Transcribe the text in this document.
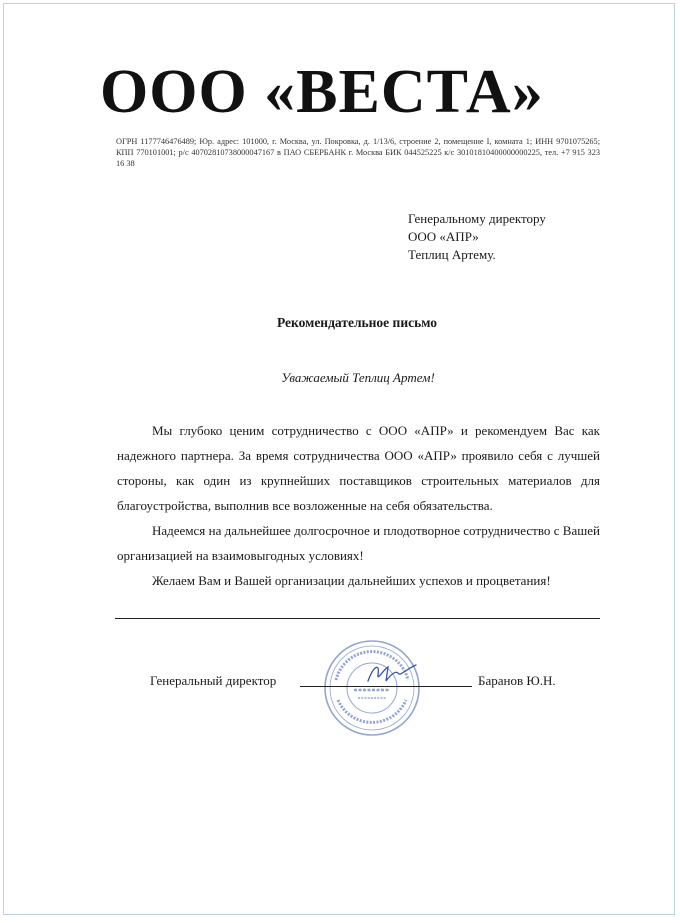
ООО «ВЕСТА»
ОГРН 1177746476489; Юр. адрес: 101000, г. Москва, ул. Покровка, д. 1/13/6, строение 2, помещение I, комната 1; ИНН 9701075265; КПП 770101001; р/с 40702810738000047167 в ПАО СБЕРБАНК г. Москва БИК 044525225 к/с 30101810400000000225, тел. +7 915 323 16 38
Генеральному директору
ООО «АПР»
Теплиц Артему.
Рекомендательное письмо
Уважаемый Теплиц Артем!

Мы глубоко ценим сотрудничество с ООО «АПР» и рекомендуем Вас как надежного партнера. За время сотрудничества ООО «АПР» проявило себя с лучшей стороны, как один из крупнейших поставщиков строительных материалов для благоустройства, выполнив все возложенные на себя обязательства.

Надеемся на дальнейшее долгосрочное и плодотворное сотрудничество с Вашей организацией на взаимовыгодных условиях!

Желаем Вам и Вашей организации дальнейших успехов и процветания!

Генеральный директор	Баранов Ю.Н.
